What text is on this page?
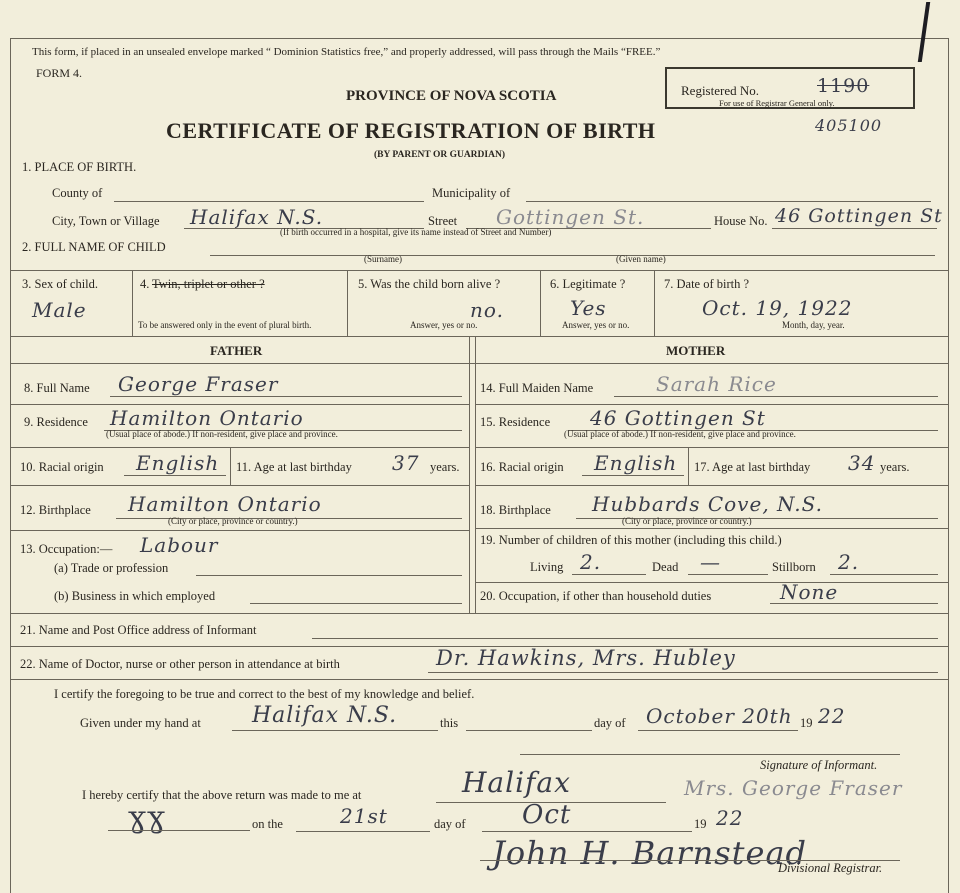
This form, if placed in an unsealed envelope marked “ Dominion Statistics free,” and properly addressed, will pass through the Mails “FREE.”
FORM 4.
Registered No.	1190
For use of Registrar General only.
PROVINCE OF NOVA SCOTIA
CERTIFICATE OF REGISTRATION OF BIRTH
(BY PARENT OR GUARDIAN)
405100
1. PLACE OF BIRTH.
County of	Municipality of
City, Town or Village Halifax N.S.	Street Gottingen St.	House No. 46 Gottingen St
(If birth occurred in a hospital, give its name instead of Street and Number)
2. FULL NAME OF CHILD
(Surname)	(Given name)
3. Sex of child.
Male
4. Twin, triplet or other ?
To be answered only in the event of plural birth.
5. Was the child born alive ?
no.
Answer, yes or no.
6. Legitimate ?
Yes
Answer, yes or no.
7. Date of birth ?
Oct. 19, 1922
Month, day, year.
FATHER	MOTHER
8. Full Name George Fraser
9. Residence Hamilton Ontario
(Usual place of abode.) If non-resident, give place and province.
10. Racial origin English 11. Age at last birthday 37 years.
12. Birthplace Hamilton Ontario
(City or place, province or country.)
13. Occupation:— Labour
(a) Trade or profession
(b) Business in which employed
14. Full Maiden Name	Sarah Rice
15. Residence 46 Gottingen St
(Usual place of abode.) If non-resident, give place and province.
16. Racial origin English 17. Age at last birthday 34 years.
18. Birthplace Hubbards Cove, N.S.
(City or place, province or country.)
19. Number of children of this mother (including this child.)
Living 2.	Dead —	Stillborn 2.
20. Occupation, if other than household duties	None
21. Name and Post Office address of Informant
22. Name of Doctor, nurse or other person in attendance at birth	Dr. Hawkins, Mrs. Hubley
I certify the foregoing to be true and correct to the best of my knowledge and belief.
Given under my hand at Halifax N.S.	this	day of October 20th 19 22
Signature of Informant.
I hereby certify that the above return was made to me at	Halifax	Mrs. George Fraser
ɣɣ	on the	21st	day of Oct	19 22
John H. Barnstead
Divisional Registrar.
